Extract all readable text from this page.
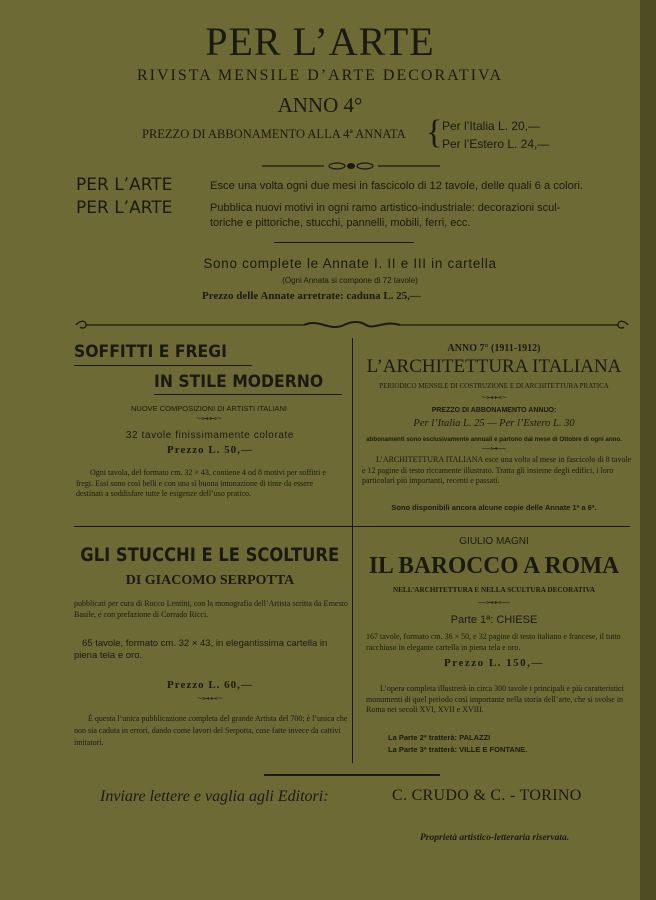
PER L’ARTE
RIVISTA MENSILE D’ARTE DECORATIVA
ANNO 4°
PREZZO DI ABBONAMENTO ALLA 4ª ANNATA { Per l’Italia L. 20,—
Per l’Estero L. 24,—
PER L’ARTE	Esce una volta ogni due mesi in fascicolo di 12 tavole, delle quali 6 a colori.
PER L’ARTE	Pubblica nuovi motivi in ogni ramo artistico-industriale: decorazioni scul-
toriche e pittoriche, stucchi, pannelli, mobili, ferri, ecc.
Sono complete le Annate I. II e III in cartella
(Ogni Annata si compone di 72 tavole)
Prezzo delle Annate arretrate: caduna L. 25,—
SOFFITTI E FREGI
IN STILE MODERNO
NUOVE COMPOSIZIONI DI ARTISTI ITALIANI
~⊶⊷~
32 tavole finissimamente colorate
Prezzo L. 50,—
Ogni tavola, del formato cm. 32 × 43, contiene 4 od 8 motivi per soffitti e fregi. Essi sono così belli e con una sì buona intonazione di tinte da essere destinati a soddisfare tutte le esigenze dell’uso pratico.
ANNO 7° (1911-1912)
L’ARCHITETTURA ITALIANA
PERIODICO MENSILE DI COSTRUZIONE E DI ARCHITETTURA PRATICA
~⊶⊷~
PREZZO DI ABBONAMENTO ANNUO:
Per l’Italia L. 25 — Per l’Estero L. 30
abbonamenti sono esclusivamente annuali e partono dal mese di Ottobre di ogni anno.
—⊶—
L’ARCHITETTURA ITALIANA esce una volta al mese in fascicolo di 8 tavole e 12 pagine di testo riccamente illustrato. Tratta gli insieme degli edifici, i loro particolari più importanti, recenti e passati.
Sono disponibili ancora alcune copie delle Annate 1ª a 6ª.
GLI STUCCHI E LE SCOLTURE
DI GIACOMO SERPOTTA
pubblicati per cura di Rocco Lentini, con la monografia dell’Artista scritta da Ernesto Basile, e con prefazione di Corrado Ricci.
65 tavole, formato cm. 32 × 43, in elegantissima cartella in piena tela e oro.
Prezzo L. 60,—
~⊶⊷~
È questa l’unica pubblicazione completa del grande Artista del 700; è l’unica che non sia caduta in errori, dando come lavori del Serpotta, cose fatte invece da cattivi imitatori.
GIULIO MAGNI
IL BAROCCO A ROMA
NELL’ARCHITETTURA E NELLA SCULTURA DECORATIVA
—⊶⊷—
Parte 1ª: CHIESE
167 tavole, formato cm. 36 × 50, e 32 pagine di testo italiano e francese, il tutto racchiuso in elegante cartella in piena tela e oro.
Prezzo L. 150,—
L’opera completa illustrerà in circa 300 tavole i principali e più caratteristici monumenti di quel periodo così importante nella storia dell’arte, che si svolse in Roma nei secoli XVI, XVII e XVIII.
La Parte 2ª tratterà: PALAZZI
La Parte 3ª tratterà: VILLE E FONTANE.
Inviare lettere e vaglia agli Editori:	C. CRUDO & C. - TORINO
Proprietà artistico-letteraria riservata.
